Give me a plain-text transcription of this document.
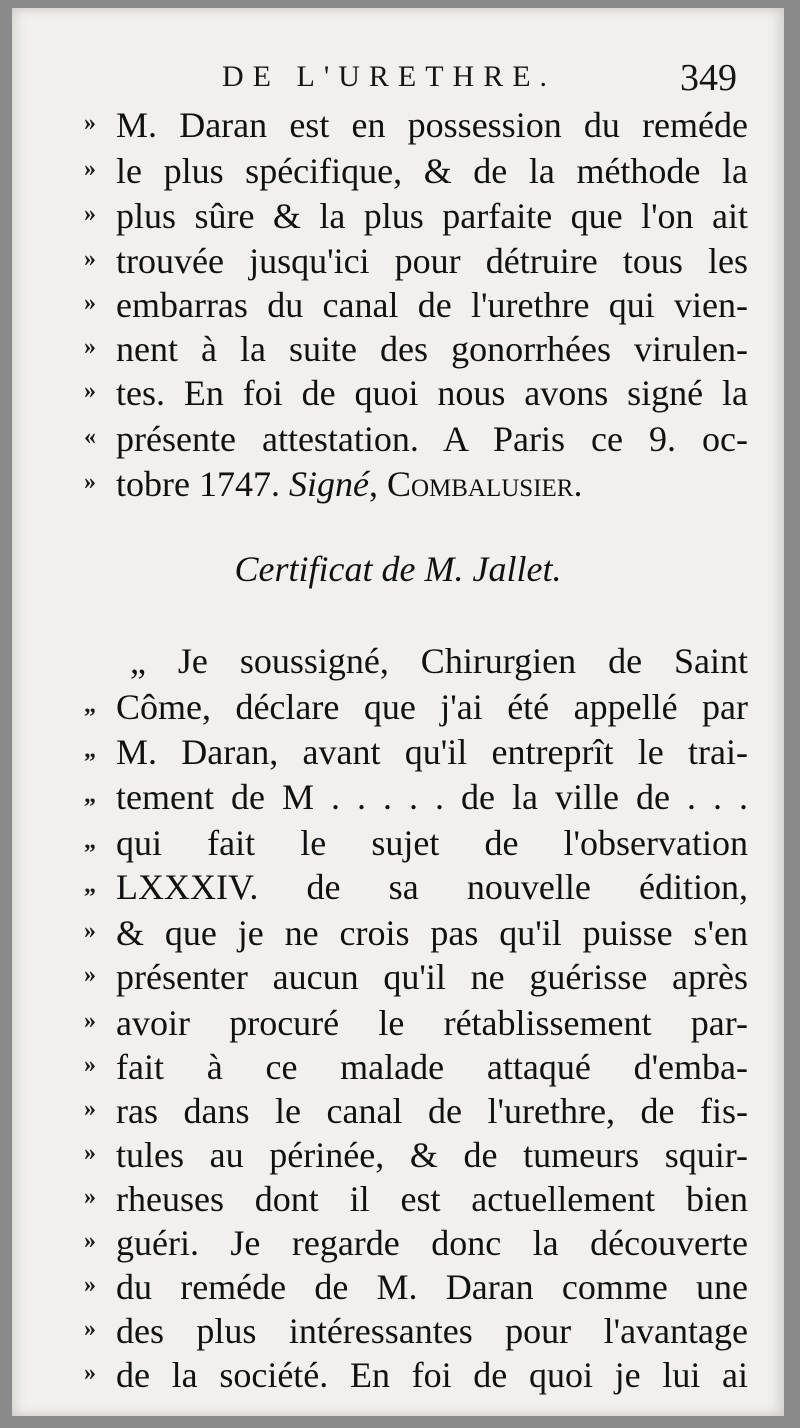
DE L'URETHRE.	349
» M. Daran est en possession du reméde
» le plus spécifique, & de la méthode la
» plus sûre & la plus parfaite que l'on ait
» trouvée jusqu'ici pour détruire tous les
» embarras du canal de l'urethre qui vien-
» nent à la suite des gonorrhées virulen-
» tes. En foi de quoi nous avons signé la
« présente attestation. A Paris ce 9. oc-
» tobre 1747. Signé, Combalusier.
Certificat de M. Jallet.
„ Je soussigné, Chirurgien de Saint
„ Côme, déclare que j'ai été appellé par
„ M. Daran, avant qu'il entreprît le trai-
„ tement de M . . . . . de la ville de . . .
„ qui fait le sujet de l'observation
„ LXXXIV. de sa nouvelle édition,
» & que je ne crois pas qu'il puisse s'en
» présenter aucun qu'il ne guérisse après
» avoir procuré le rétablissement par-
» fait à ce malade attaqué d'emba-
» ras dans le canal de l'urethre, de fis-
» tules au périnée, & de tumeurs squir-
» rheuses dont il est actuellement bien
» guéri. Je regarde donc la découverte
» du reméde de M. Daran comme une
» des plus intéressantes pour l'avantage
» de la société. En foi de quoi je lui ai
